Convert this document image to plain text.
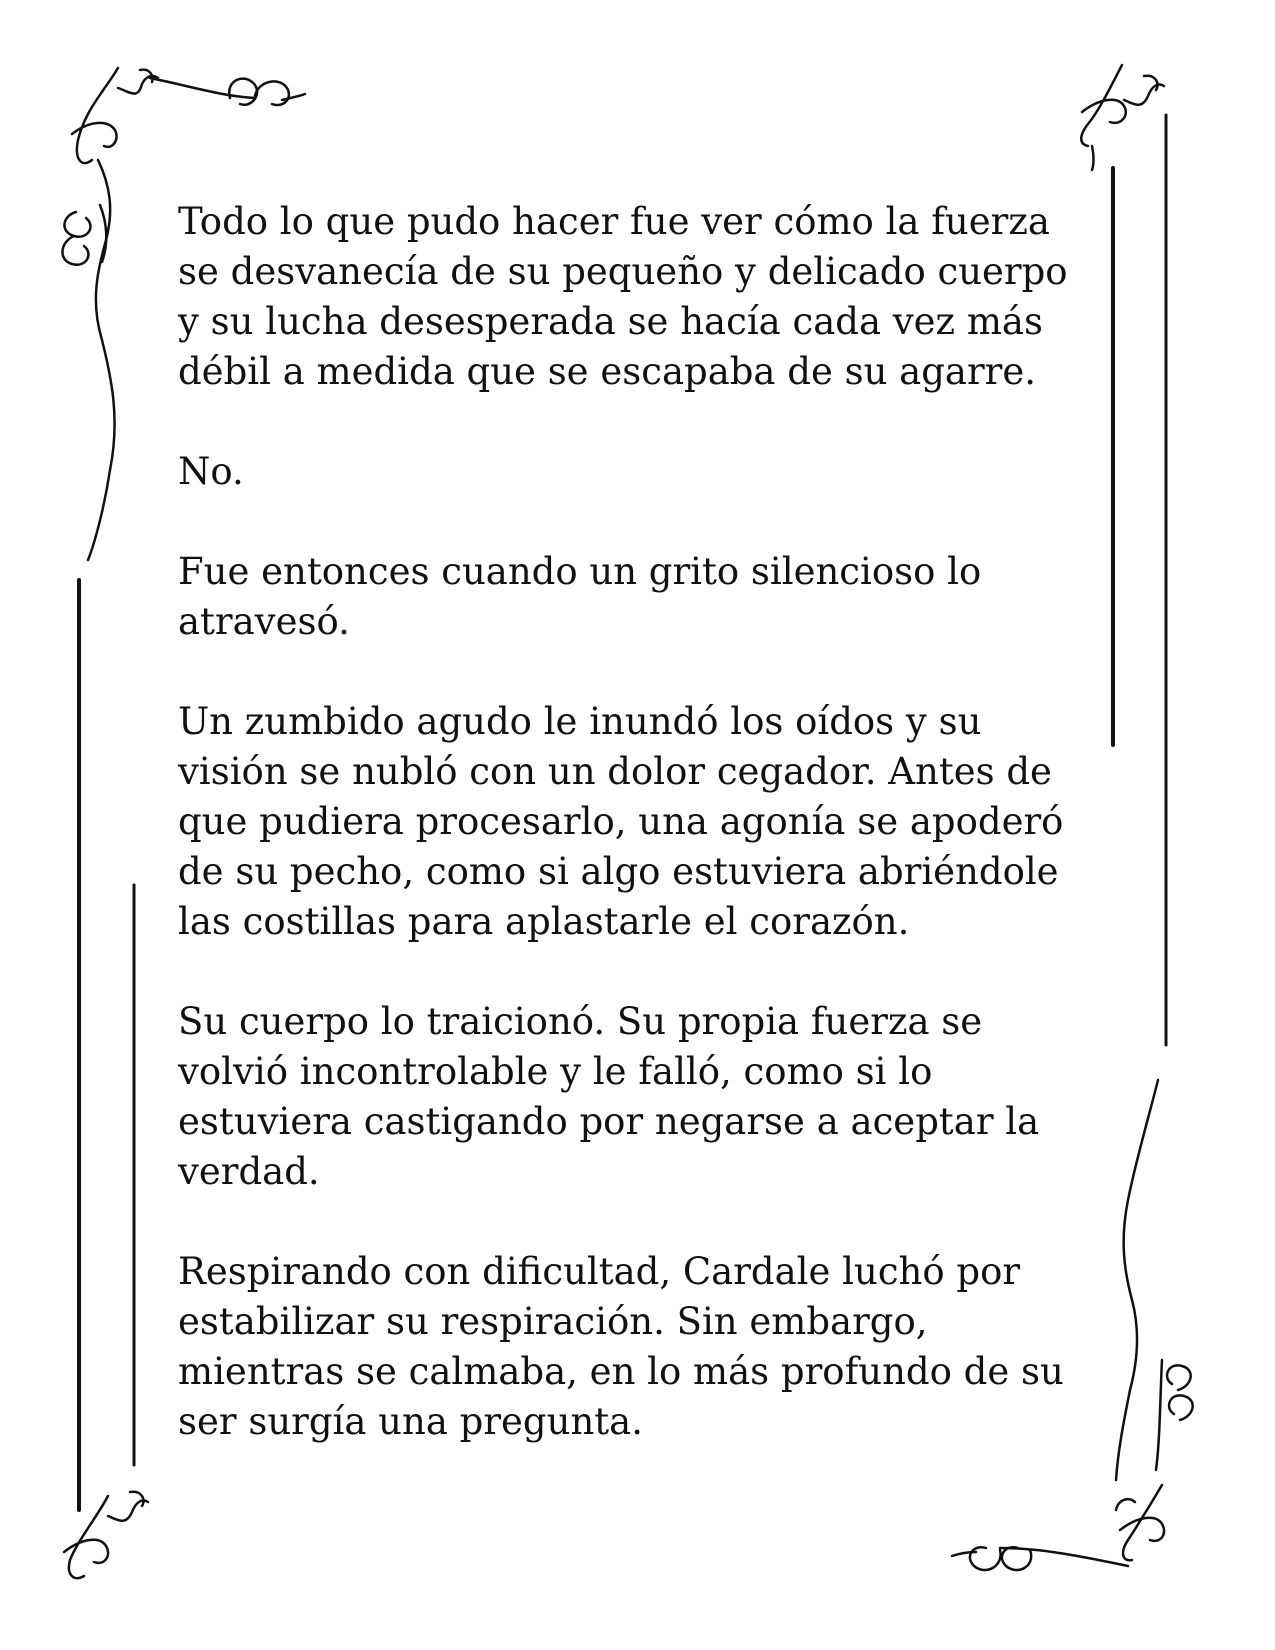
Todo lo que pudo hacer fue ver cómo la fuerza
se desvanecía de su pequeño y delicado cuerpo
y su lucha desesperada se hacía cada vez más
débil a medida que se escapaba de su agarre.

No.

Fue entonces cuando un grito silencioso lo
atravesó.

Un zumbido agudo le inundó los oídos y su
visión se nubló con un dolor cegador. Antes de
que pudiera procesarlo, una agonía se apoderó
de su pecho, como si algo estuviera abriéndole
las costillas para aplastarle el corazón.

Su cuerpo lo traicionó. Su propia fuerza se
volvió incontrolable y le falló, como si lo
estuviera castigando por negarse a aceptar la
verdad.

Respirando con dificultad, Cardale luchó por
estabilizar su respiración. Sin embargo,
mientras se calmaba, en lo más profundo de su
ser surgía una pregunta.
